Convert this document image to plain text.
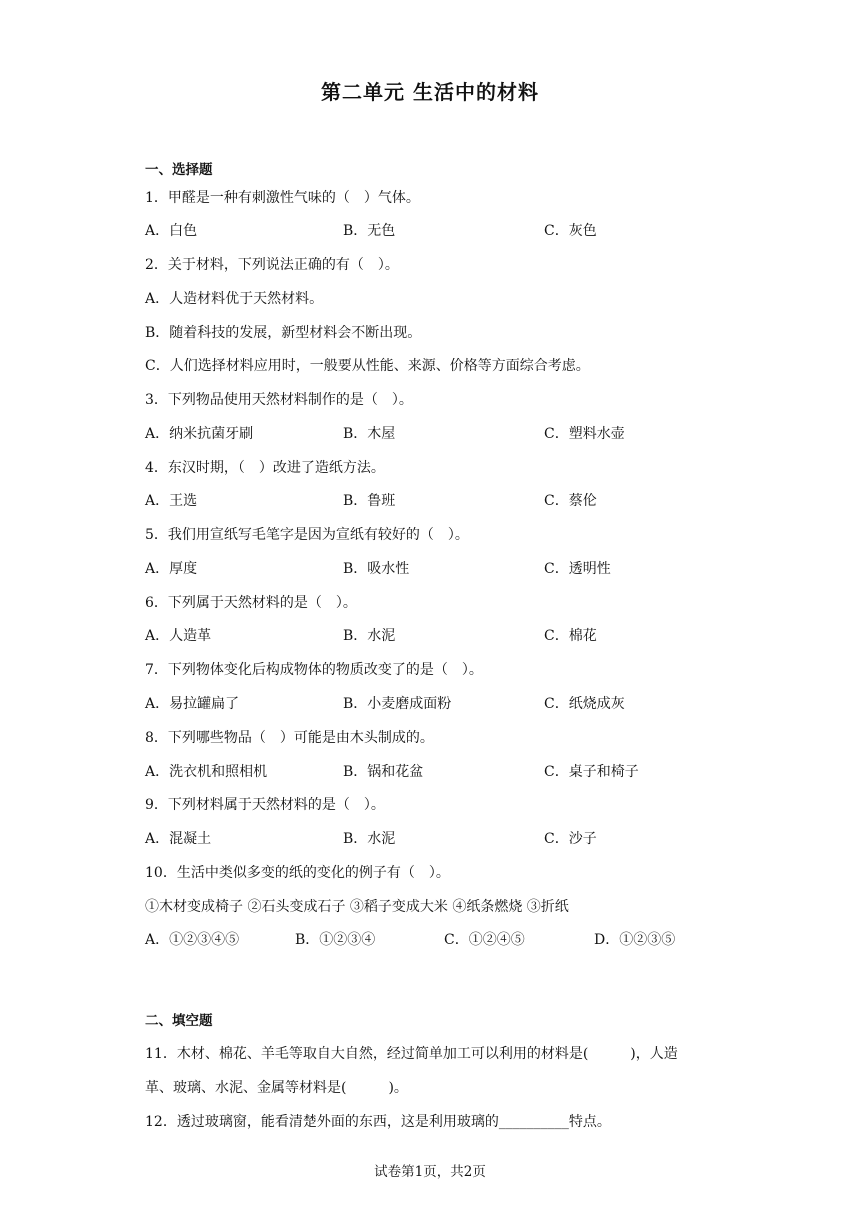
第二单元 生活中的材料
一、选择题
1．甲醛是一种有刺激性气味的（　）气体。
A．白色	B．无色	C．灰色
2．关于材料，下列说法正确的有（　）。
A．人造材料优于天然材料。
B．随着科技的发展，新型材料会不断出现。
C．人们选择材料应用时，一般要从性能、来源、价格等方面综合考虑。
3．下列物品使用天然材料制作的是（　）。
A．纳米抗菌牙刷	B．木屋	C．塑料水壶
4．东汉时期，（　）改进了造纸方法。
A．王选	B．鲁班	C．蔡伦
5．我们用宣纸写毛笔字是因为宣纸有较好的（　）。
A．厚度	B．吸水性	C．透明性
6．下列属于天然材料的是（　）。
A．人造革	B．水泥	C．棉花
7．下列物体变化后构成物体的物质改变了的是（　）。
A．易拉罐扁了	B．小麦磨成面粉	C．纸烧成灰
8．下列哪些物品（　）可能是由木头制成的。
A．洗衣机和照相机	B．锅和花盆	C．桌子和椅子
9．下列材料属于天然材料的是（　）。
A．混凝土	B．水泥	C．沙子
10．生活中类似多变的纸的变化的例子有（　）。
①木材变成椅子 ②石头变成石子 ③稻子变成大米 ④纸条燃烧 ③折纸
A．①②③④⑤	B．①②③④	C．①②④⑤	D．①②③⑤
二、填空题
11．木材、棉花、羊毛等取自大自然，经过简单加工可以利用的材料是(　　　)，人造
革、玻璃、水泥、金属等材料是(　　　)。
12．透过玻璃窗，能看清楚外面的东西，这是利用玻璃的__________特点。
试卷第1页，共2页
